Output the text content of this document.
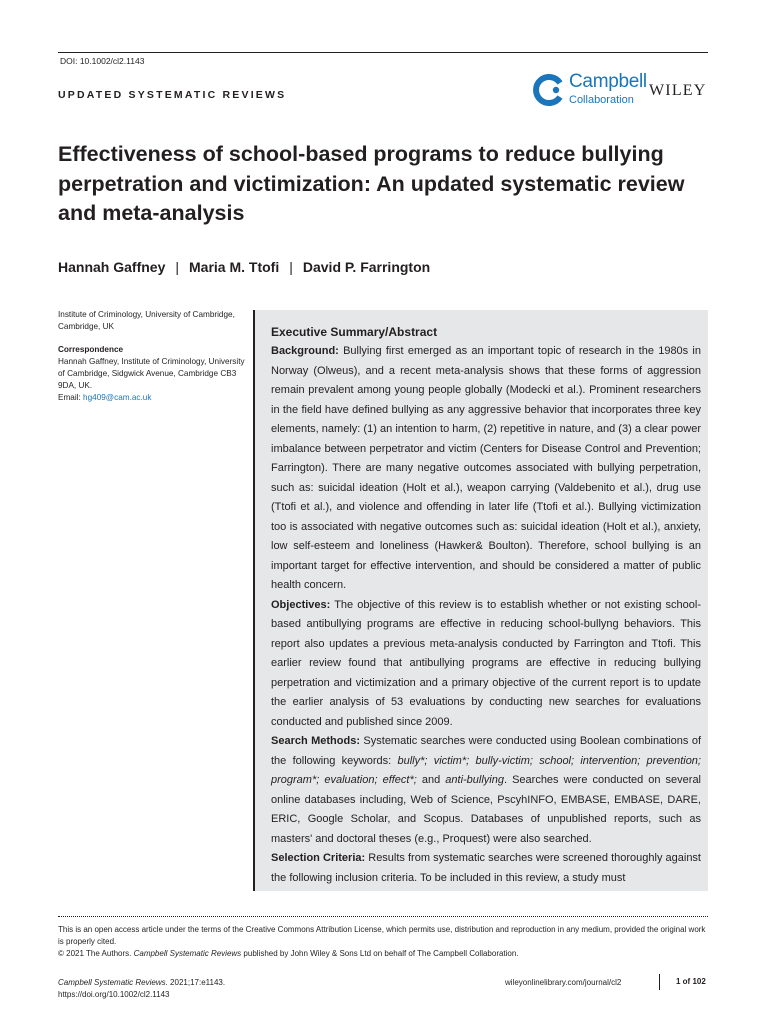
DOI: 10.1002/cl2.1143
UPDATED SYSTEMATIC REVIEWS
Campbell
Collaboration
WILEY
Effectiveness of school-based programs to reduce bullying perpetration and victimization: An updated systematic review and meta-analysis
Hannah Gaffney | Maria M. Ttofi | David P. Farrington

Institute of Criminology, University of Cambridge, Cambridge, UK

Correspondence

Hannah Gaffney, Institute of Criminology, University of Cambridge, Sidgwick Avenue, Cambridge CB3 9DA, UK.

Email: hg409@cam.ac.uk

Executive Summary/Abstract

Background: Bullying first emerged as an important topic of research in the 1980s in Norway (Olweus), and a recent meta-analysis shows that these forms of aggression remain prevalent among young people globally (Modecki et al.). Prominent researchers in the field have defined bullying as any aggressive behavior that incorporates three key elements, namely: (1) an intention to harm, (2) repetitive in nature, and (3) a clear power imbalance between perpetrator and victim (Centers for Disease Control and Prevention; Farrington). There are many negative outcomes associated with bullying perpetration, such as: suicidal ideation (Holt et al.), weapon carrying (Valdebenito et al.), drug use (Ttofi et al.), and violence and offending in later life (Ttofi et al.). Bullying victimization too is associated with negative outcomes such as: suicidal ideation (Holt et al.), anxiety, low self-esteem and loneliness (Hawker& Boulton). Therefore, school bullying is an important target for effective intervention, and should be considered a matter of public health concern.

Objectives: The objective of this review is to establish whether or not existing school-based antibullying programs are effective in reducing school-bullyng behaviors. This report also updates a previous meta-analysis conducted by Farrington and Ttofi. This earlier review found that antibullying programs are effective in reducing bullying perpetration and victimization and a primary objective of the current report is to update the earlier analysis of 53 evaluations by conducting new searches for evaluations conducted and published since 2009.

Search Methods: Systematic searches were conducted using Boolean combinations of the following keywords: bully*; victim*; bully-victim; school; intervention; prevention; program*; evaluation; effect*; and anti-bullying. Searches were conducted on several online databases including, Web of Science, PscyhINFO, EMBASE, EMBASE, DARE, ERIC, Google Scholar, and Scopus. Databases of unpublished reports, such as masters' and doctoral theses (e.g., Proquest) were also searched.

Selection Criteria: Results from systematic searches were screened thoroughly against the following inclusion criteria. To be included in this review, a study must

This is an open access article under the terms of the Creative Commons Attribution License, which permits use, distribution and reproduction in any medium, provided the original work is properly cited.

© 2021 The Authors. Campbell Systematic Reviews published by John Wiley & Sons Ltd on behalf of The Campbell Collaboration.

Campbell Systematic Reviews. 2021;17:e1143.
https://doi.org/10.1002/cl2.1143
wileyonlinelibrary.com/journal/cl2	1 of 102
